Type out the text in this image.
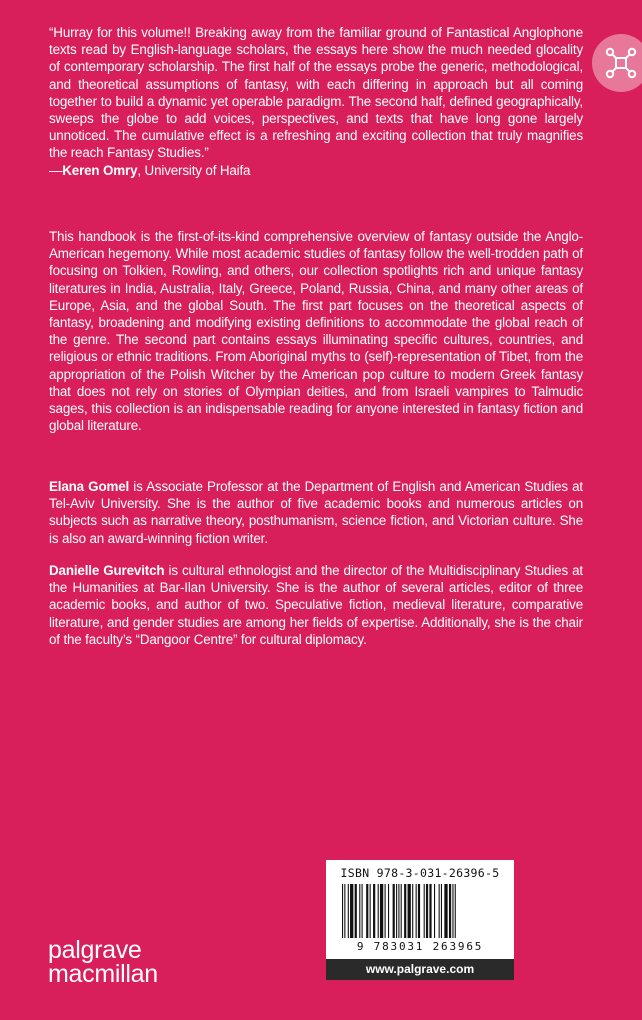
“Hurray for this volume!! Breaking away from the familiar ground of Fantastical Anglophone texts read by English-language scholars, the essays here show the much needed glocality of contemporary scholarship. The first half of the essays probe the generic, methodological, and theoretical assumptions of fantasy, with each differing in approach but all coming together to build a dynamic yet operable paradigm. The second half, defined geographically, sweeps the globe to add voices, perspectives, and texts that have long gone largely unnoticed. The cumulative effect is a refreshing and exciting collection that truly magnifies the reach Fantasy Studies.”

—Keren Omry, University of Haifa

This handbook is the first-of-its-kind comprehensive overview of fantasy outside the Anglo-American hegemony. While most academic studies of fantasy follow the well-trodden path of focusing on Tolkien, Rowling, and others, our collection spotlights rich and unique fantasy literatures in India, Australia, Italy, Greece, Poland, Russia, China, and many other areas of Europe, Asia, and the global South. The first part focuses on the theoretical aspects of fantasy, broadening and modifying existing definitions to accommodate the global reach of the genre. The second part contains essays illuminating specific cultures, countries, and religious or ethnic traditions. From Aboriginal myths to (self)-representation of Tibet, from the appropriation of the Polish Witcher by the American pop culture to modern Greek fantasy that does not rely on stories of Olympian deities, and from Israeli vampires to Talmudic sages, this collection is an indispensable reading for anyone interested in fantasy fiction and global literature.

Elana Gomel is Associate Professor at the Department of English and American Studies at Tel-Aviv University. She is the author of five academic books and numerous articles on subjects such as narrative theory, posthumanism, science fiction, and Victorian culture. She is also an award-winning fiction writer.

Danielle Gurevitch is cultural ethnologist and the director of the Multidisciplinary Studies at the Humanities at Bar-Ilan University. She is the author of several articles, editor of three academic books, and author of two. Speculative fiction, medieval literature, comparative literature, and gender studies are among her fields of expertise. Additionally, she is the chair of the faculty’s “Dangoor Centre” for cultural diplomacy.

palgrave
macmillan
ISBN 978-3-031-26396-5
9 783031 263965
www.palgrave.com
